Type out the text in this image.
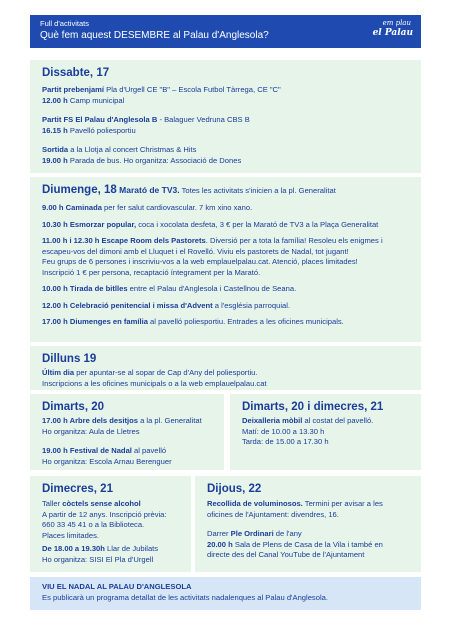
Full d'activitats
Què fem aquest DESEMBRE al Palau d'Anglesola?
em plau
el Palau
Dissabte, 17
Partit prebenjamí Pla d'Urgell CE "B" – Escola Futbol Tàrrega, CE "C"
12.00 h Camp municipal
Partit FS El Palau d'Anglesola B - Balaguer Vedruna CBS B
16.15 h Pavelló poliesportiu
Sortida a la Llotja al concert Christmas & Hits
19.00 h Parada de bus. Ho organitza: Associació de Dones
Diumenge, 18 Marató de TV3. Totes les activitats s'inicien a la pl. Generalitat
9.00 h Caminada per fer salut cardiovascular. 7 km xino xano.
10.30 h Esmorzar popular, coca i xocolata desfeta, 3 € per la Marató de TV3 a la Plaça Generalitat
11.00 h i 12.30 h Escape Room dels Pastorets. Diversió per a tota la família! Resoleu els enigmes i
escapeu-vos del dimoni amb el Lluquet i el Rovelló. Viviu els pastorets de Nadal, tot jugant!
Feu grups de 6 persones i inscriviu-vos a la web emplauelpalau.cat. Atenció, places limitades!
Inscripció 1 € per persona, recaptació íntegrament per la Marató.
10.00 h Tirada de bitlles entre el Palau d'Anglesola i Castellnou de Seana.
12.00 h Celebració penitencial i missa d'Advent a l'església parroquial.
17.00 h Diumenges en família al pavelló poliesportiu. Entrades a les oficines municipals.
Dilluns 19
Últim dia per apuntar-se al sopar de Cap d'Any del poliesportiu.
Inscripcions a les oficines municipals o a la web emplauelpalau.cat
Dimarts, 20
17.00 h Arbre dels desitjos a la pl. Generalitat
Ho organitza: Aula de Lletres
19.00 h Festival de Nadal al pavelló
Ho organitza: Escola Arnau Berenguer
Dimarts, 20 i dimecres, 21
Deixalleria mòbil al costat del pavelló.
Matí: de 10.00 a 13.30 h
Tarda: de 15.00 a 17.30 h
Dimecres, 21
Taller còctels sense alcohol
A partir de 12 anys. Inscripció prèvia:
660 33 45 41 o a la Biblioteca.
Places limitades.
De 18.00 a 19.30h Llar de Jubilats
Ho organitza: SISI El Pla d'Urgell
Dijous, 22
Recollida de voluminosos. Termini per avisar a les
oficines de l'Ajuntament: divendres, 16.
Darrer Ple Ordinari de l'any
20.00 h Sala de Plens de Casa de la Vila i també en
directe des del Canal YouTube de l'Ajuntament
VIU EL NADAL AL PALAU D'ANGLESOLA
Es publicarà un programa detallat de les activitats nadalenques al Palau d'Anglesola.
